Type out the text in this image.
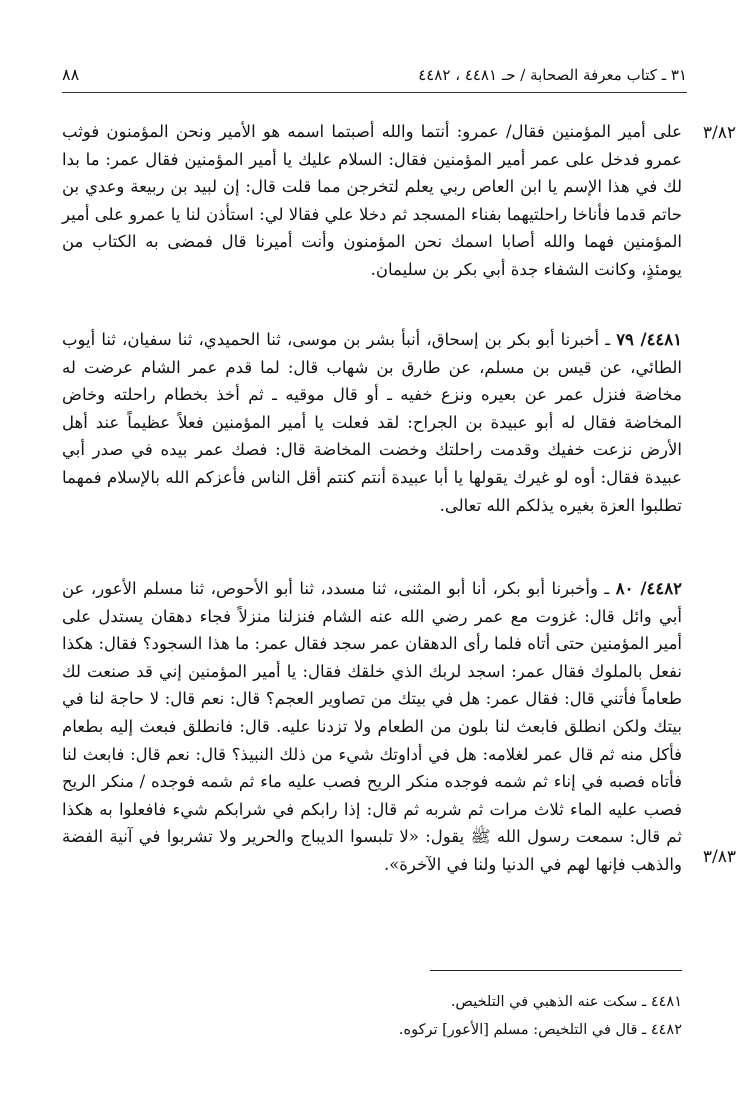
٣١ ـ كتاب معرفة الصحابة / حـ ٤٤٨١ ، ٤٤٨٢
٨٨
٣/٨٢
٣/٨٣

على أمير المؤمنين فقال/ عمرو: أنتما والله أصبتما اسمه هو الأمير ونحن المؤمنون فوثب عمرو فدخل على عمر أمير المؤمنين فقال: السلام عليك يا أمير المؤمنين فقال عمر: ما بدا لك في هذا الإسم يا ابن العاص ربي يعلم لتخرجن مما قلت قال: إن لبيد بن ربيعة وعدي بن حاتم قدما فأناخا راحلتيهما بفناء المسجد ثم دخلا علي فقالا لي: استأذن لنا يا عمرو على أمير المؤمنين فهما والله أصابا اسمك نحن المؤمنون وأنت أميرنا قال فمضى به الكتاب من يومئذٍ، وكانت الشفاء جدة أبي بكر بن سليمان.

٤٤٨١/ ٧٩ ـ أخبرنا أبو بكر بن إسحاق، أنبأ بشر بن موسى، ثنا الحميدي، ثنا سفيان، ثنا أيوب الطائي، عن قيس بن مسلم، عن طارق بن شهاب قال: لما قدم عمر الشام عرضت له مخاضة فنزل عمر عن بعيره ونزع خفيه ـ أو قال موقيه ـ ثم أخذ بخطام راحلته وخاض المخاضة فقال له أبو عبيدة بن الجراح: لقد فعلت يا أمير المؤمنين فعلاً عظيماً عند أهل الأرض نزعت خفيك وقدمت راحلتك وخضت المخاضة قال: فصك عمر بيده في صدر أبي عبيدة فقال: أوه لو غيرك يقولها يا أبا عبيدة أنتم كنتم أقل الناس فأعزكم الله بالإسلام فمهما تطلبوا العزة بغيره يذلكم الله تعالى.

٤٤٨٢/ ٨٠ ـ وأخبرنا أبو بكر، أنا أبو المثنى، ثنا مسدد، ثنا أبو الأحوص، ثنا مسلم الأعور، عن أبي وائل قال: غزوت مع عمر رضي الله عنه الشام فنزلنا منزلاً فجاء دهقان يستدل على أمير المؤمنين حتى أتاه فلما رأى الدهقان عمر سجد فقال عمر: ما هذا السجود؟ فقال: هكذا نفعل بالملوك فقال عمر: اسجد لربك الذي خلقك فقال: يا أمير المؤمنين إني قد صنعت لك طعاماً فأتني قال: فقال عمر: هل في بيتك من تصاوير العجم؟ قال: نعم قال: لا حاجة لنا في بيتك ولكن انطلق فابعث لنا بلون من الطعام ولا تزدنا عليه. قال: فانطلق فبعث إليه بطعام فأكل منه ثم قال عمر لغلامه: هل في أداوتك شيء من ذلك النبيذ؟ قال: نعم قال: فابعث لنا فأتاه فصبه في إناء ثم شمه فوجده منكر الريح فصب عليه ماء ثم شمه فوجده / منكر الريح فصب عليه الماء ثلاث مرات ثم شربه ثم قال: إذا رابكم في شرابكم شيء فافعلوا به هكذا ثم قال: سمعت رسول الله ﷺ يقول: «لا تلبسوا الديباج والحرير ولا تشربوا في آنية الفضة والذهب فإنها لهم في الدنيا ولنا في الآخرة».

٤٤٨١ ـ سكت عنه الذهبي في التلخيص.
٤٤٨٢ ـ قال في التلخيص: مسلم [الأعور] تركوه.
